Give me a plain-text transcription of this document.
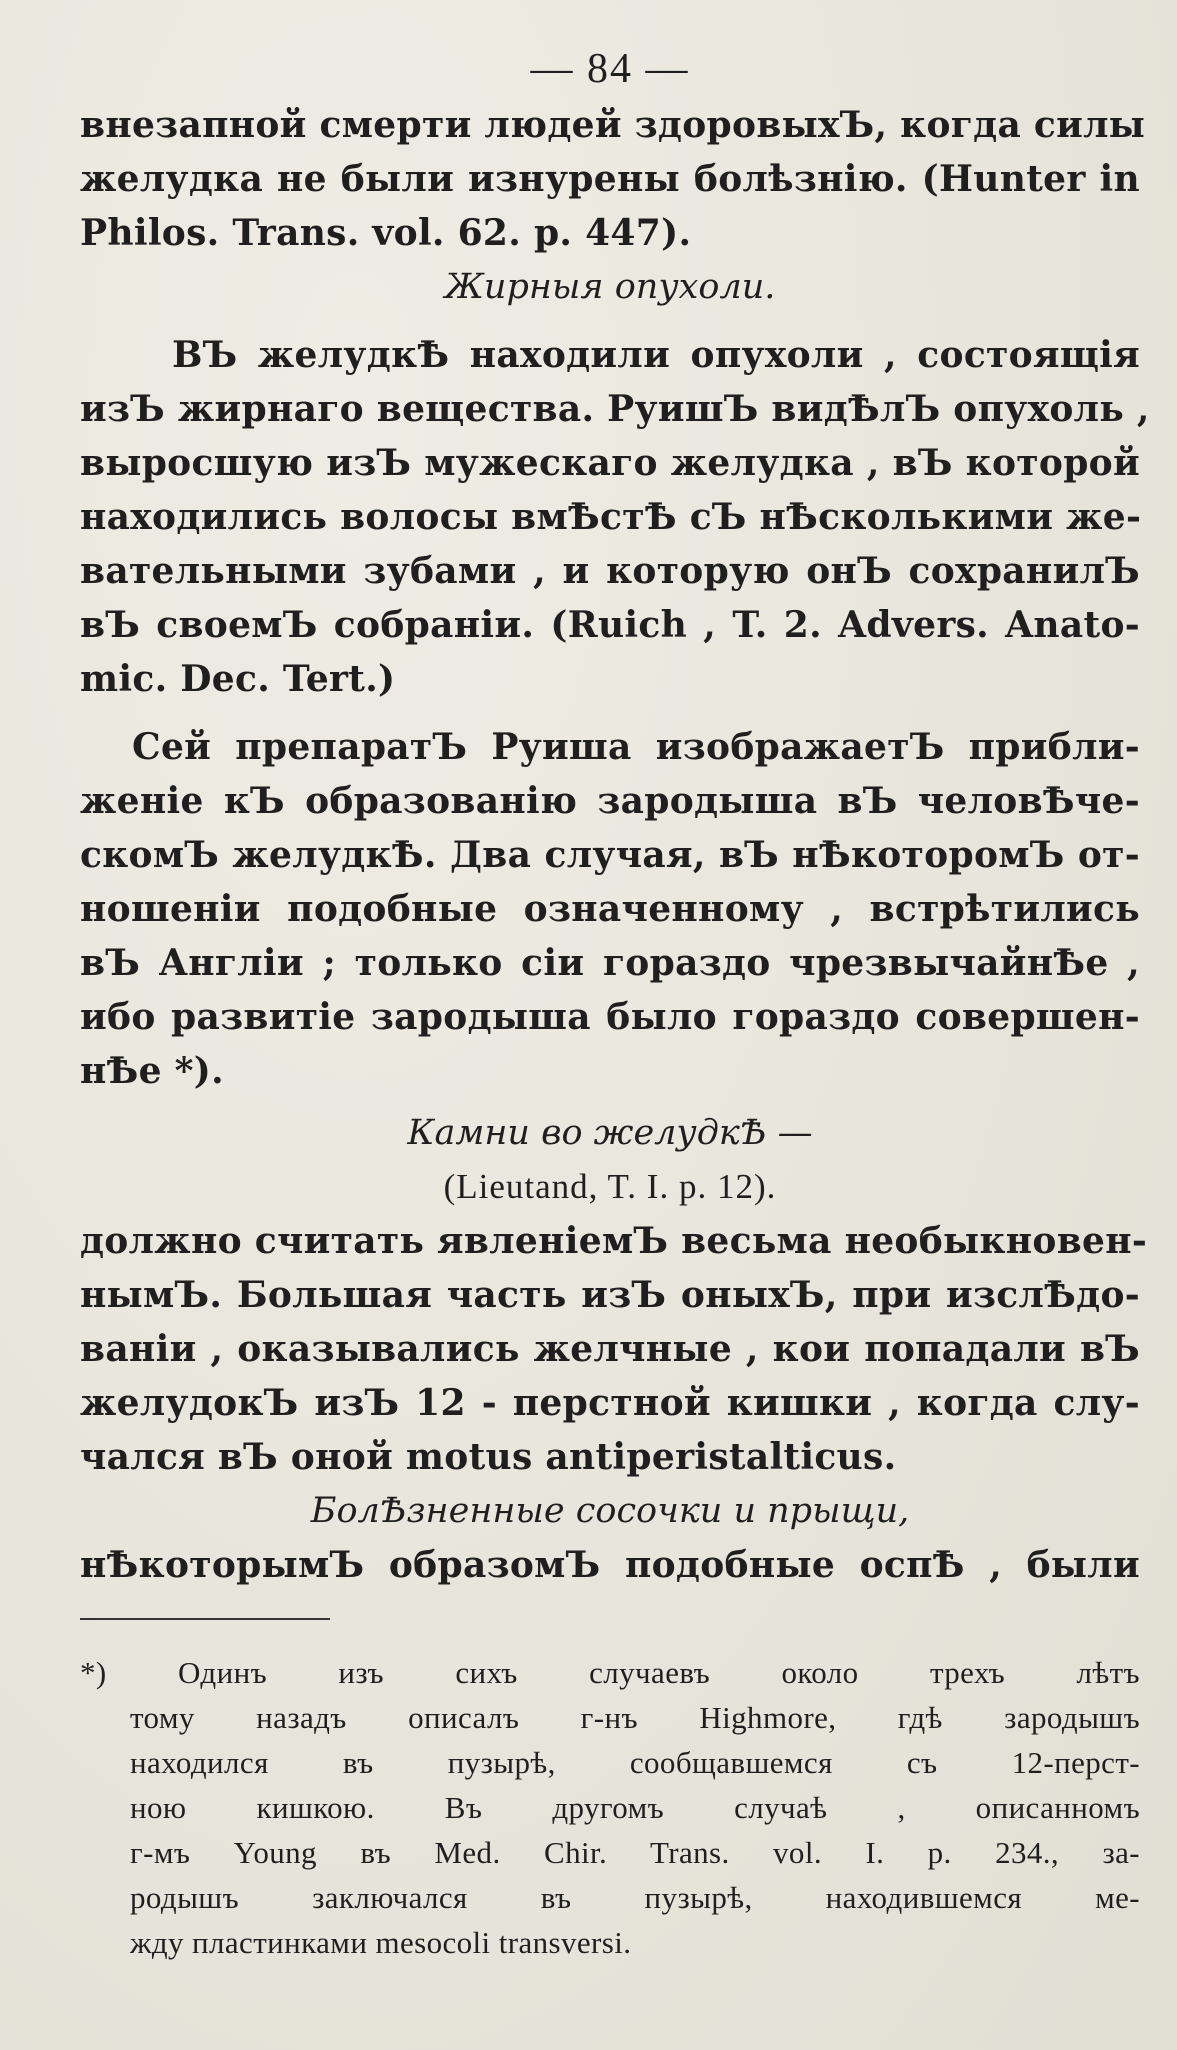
— 84 —
внезапной смерти людей здоровыхЪ, когда силы
желудка не были изнурены болѣзнію. (Hunter in
Philos. Trans. vol. 62. p. 447).
Жирныя опухоли.
ВЪ желудкѢ находили опухоли , состоящія
изЪ жирнаго вещества. РуишЪ видѢлЪ опухоль ,
выросшую изЪ мужескаго желудка , вЪ которой
находились волосы вмѢстѢ сЪ нѢсколькими же-
вательными зубами , и которую онЪ сохранилЪ
вЪ своемЪ собраніи. (Ruich , T. 2. Advers. Anato-
mic. Dec. Tert.)
Сей препаратЪ Руиша изображаетЪ прибли-
женіе кЪ образованію зародыша вЪ человѢче-
скомЪ желудкѢ. Два случая, вЪ нѢкоторомЪ от-
ношеніи подобные означенному , встрѣтились
вЪ Англіи ; только сіи гораздо чрезвычайнѢе ,
ибо развитіе зародыша было гораздо совершен-
нѢе *).
Камни во желудкѢ —
(Lieutand, T. I. p. 12).
должно считать явленіемЪ весьма необыкновен-
нымЪ. Большая часть изЪ оныхЪ, при изслѢдо-
ваніи , оказывались желчные , кои попадали вЪ
желудокЪ изЪ 12 - перстной кишки , когда слу-
чался вЪ оной motus antiperistalticus.
БолѢзненные сосочки и прыщи,
нѢкоторымЪ образомЪ подобные оспѢ , были
*) Одинъ изъ сихъ случаевъ около трехъ лѣтъ
тому назадъ описалъ г-нъ Highmore, гдѣ зародышъ
находился въ пузырѣ, сообщавшемся съ 12-перст-
ною кишкою. Въ другомъ случаѣ , описанномъ
г-мъ Young въ Med. Chir. Trans. vol. I. p. 234., за-
родышъ заключался въ пузырѣ, находившемся ме-
жду пластинками mesocoli transversi.
